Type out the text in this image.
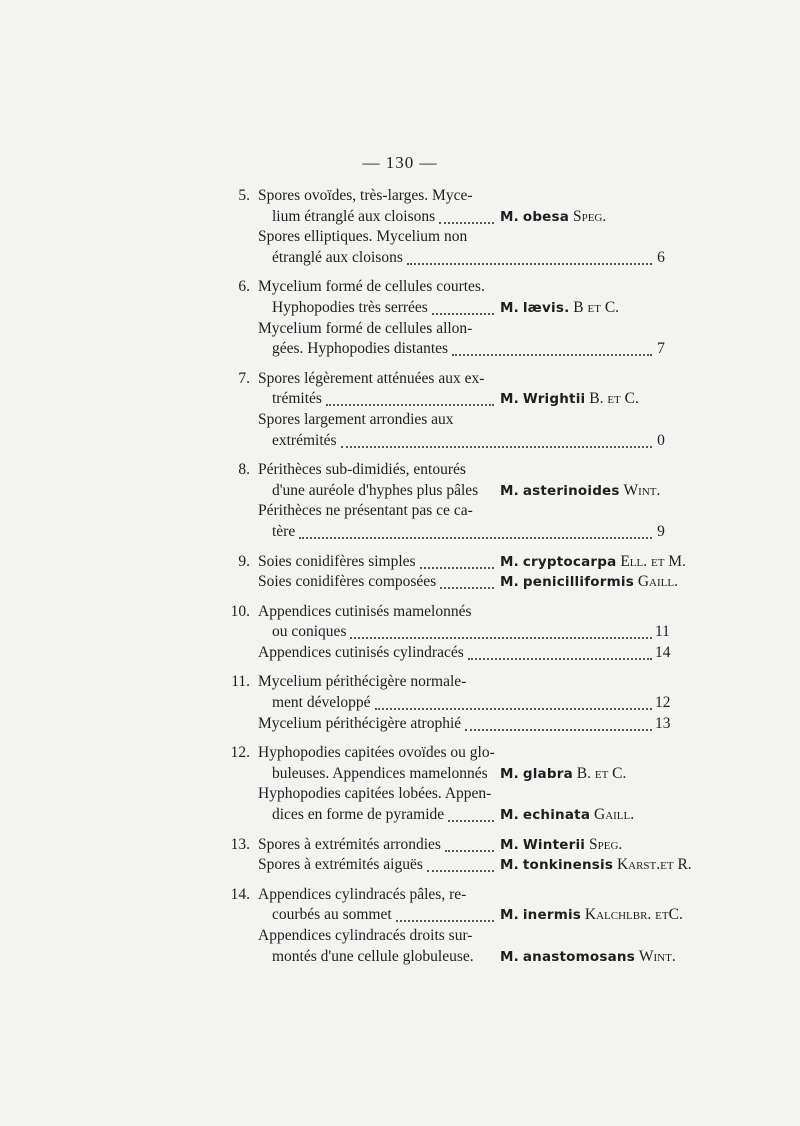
— 130 —
5. Spores ovoïdes, très-larges. Myce-
lium étranglé aux cloisons	M. obesa Speg.
Spores elliptiques. Mycelium non
étranglé aux cloisons	6
6. Mycelium formé de cellules courtes.
Hyphopodies très serrées	M. lævis. B et C.
Mycelium formé de cellules allon-
gées. Hyphopodies distantes	7
7. Spores légèrement atténuées aux ex-
trémités	M. Wrightii B. et C.
Spores largement arrondies aux
extrémités	0
8. Périthèces sub-dimidiés, entourés
d'une auréole d'hyphes plus pâles M. asterinoides Wint.
Périthèces ne présentant pas ce ca-
tère	9
9. Soies conidifères simples	M. cryptocarpa Ell. et M.
Soies conidifères composées	M. penicilliformis Gaill.
10. Appendices cutinisés mamelonnés
ou coniques	11
Appendices cutinisés cylindracés	14
11. Mycelium périthécigère normale-
ment développé	12
Mycelium périthécigère atrophié	13
12. Hyphopodies capitées ovoïdes ou glo-
buleuses. Appendices mamelonnés M. glabra B. et C.
Hyphopodies capitées lobées. Appen-
dices en forme de pyramide	M. echinata Gaill.
13. Spores à extrémités arrondies	M. Winterii Speg.
Spores à extrémités aiguës	M. tonkinensis Karst.et R.
14. Appendices cylindracés pâles, re-
courbés au sommet	M. inermis Kalchlbr. etC.
Appendices cylindracés droits sur-
montés d'une cellule globuleuse. M. anastomosans Wint.
